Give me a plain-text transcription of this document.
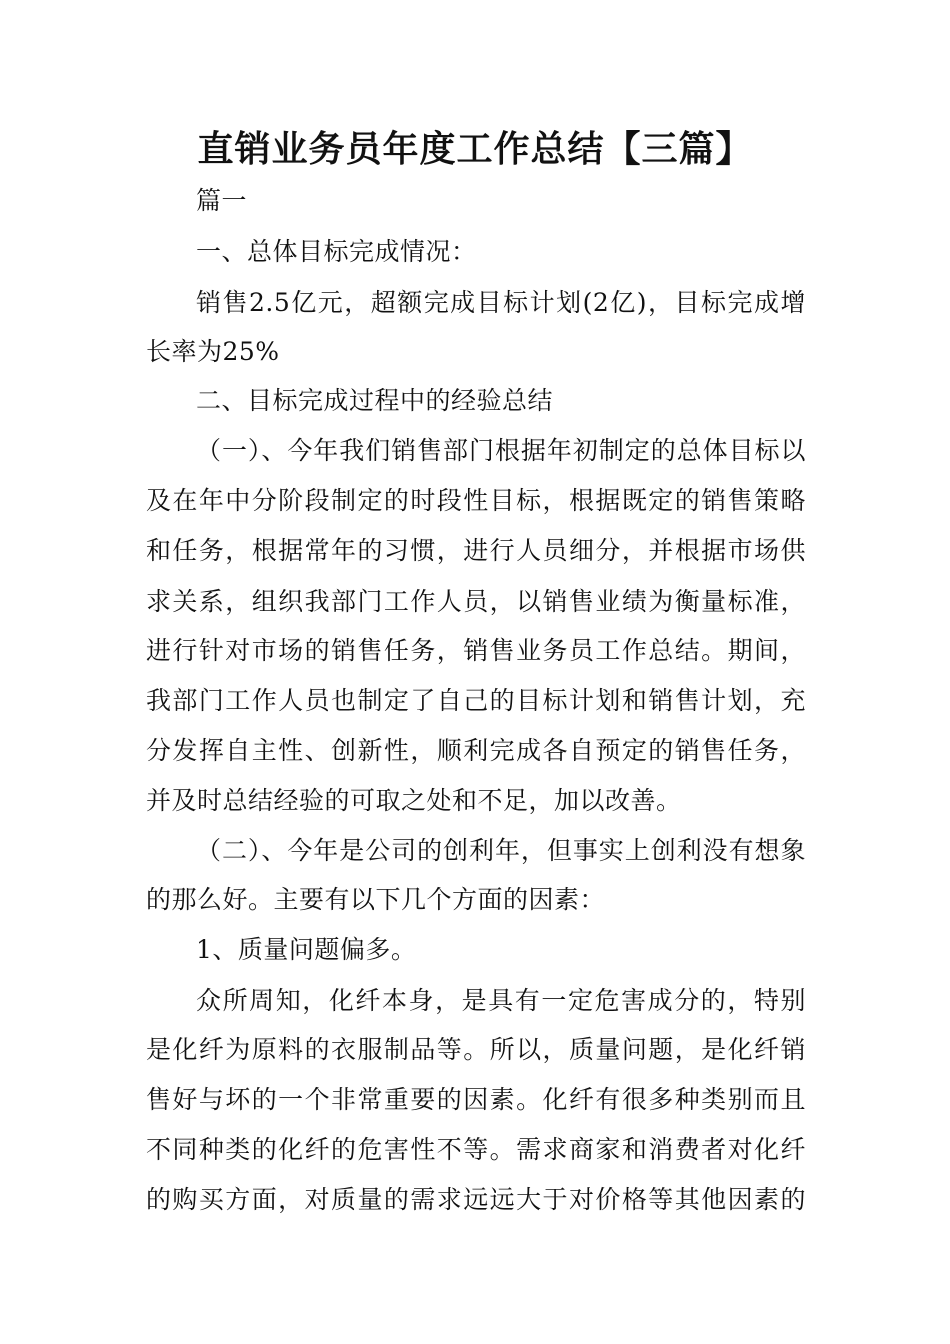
直销业务员年度工作总结【三篇】
篇一
一、总体目标完成情况：
销售2.5亿元，超额完成目标计划(2亿)，目标完成增
长率为25%
二、目标完成过程中的经验总结
（一）、今年我们销售部门根据年初制定的总体目标以
及在年中分阶段制定的时段性目标，根据既定的销售策略
和任务，根据常年的习惯，进行人员细分，并根据市场供
求关系，组织我部门工作人员，以销售业绩为衡量标准，
进行针对市场的销售任务，销售业务员工作总结。期间，
我部门工作人员也制定了自己的目标计划和销售计划，充
分发挥自主性、创新性，顺利完成各自预定的销售任务，
并及时总结经验的可取之处和不足，加以改善。
（二）、今年是公司的创利年，但事实上创利没有想象
的那么好。主要有以下几个方面的因素：
1、质量问题偏多。
众所周知，化纤本身，是具有一定危害成分的，特别
是化纤为原料的衣服制品等。所以，质量问题，是化纤销
售好与坏的一个非常重要的因素。化纤有很多种类别而且
不同种类的化纤的危害性不等。需求商家和消费者对化纤
的购买方面，对质量的需求远远大于对价格等其他因素的
